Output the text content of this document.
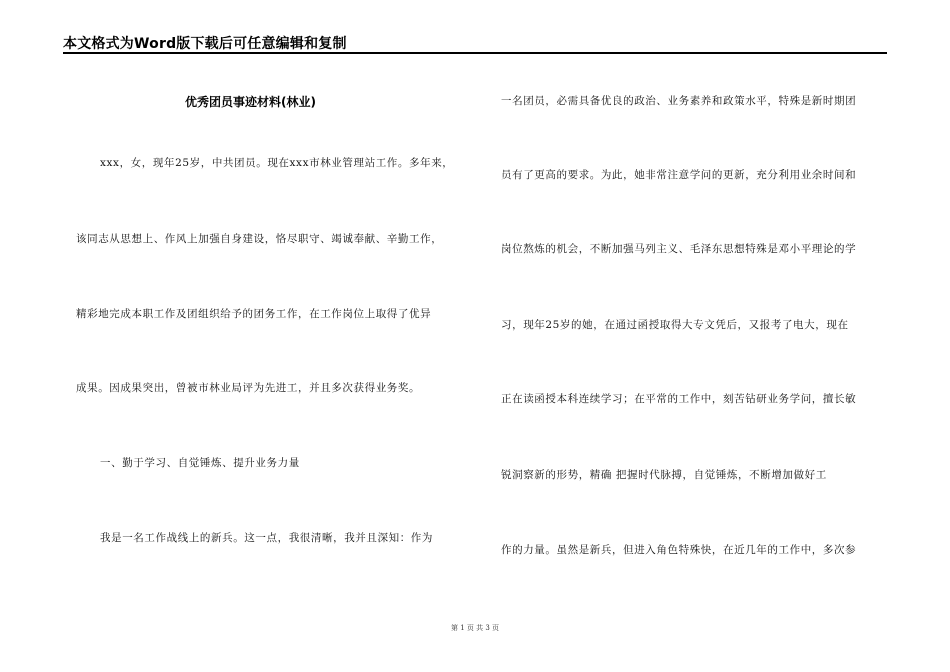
本文格式为Word版下载后可任意编辑和复制
优秀团员事迹材料(林业)
xxx，女，现年25岁，中共团员。现在xxx市林业管理站工作。多年来，
该同志从思想上、作风上加强自身建设，恪尽职守、竭诚奉献、辛勤工作，
精彩地完成本职工作及团组织给予的团务工作，在工作岗位上取得了优异
成果。因成果突出，曾被市林业局评为先进工，并且多次获得业务奖。
一、勤于学习、自觉锤炼、提升业务力量
我是一名工作战线上的新兵。这一点，我很清晰，我并且深知：作为
一名团员，必需具备优良的政治、业务素养和政策水平，特殊是新时期团
员有了更高的要求。为此，她非常注意学问的更新，充分利用业余时间和
岗位熬炼的机会，不断加强马列主义、毛泽东思想特殊是邓小平理论的学
习，现年25岁的她，在通过函授取得大专文凭后，又报考了电大，现在
正在读函授本科连续学习；在平常的工作中，刻苦钻研业务学问，擅长敏
锐洞察新的形势，精确 把握时代脉搏，自觉锤炼，不断增加做好工
作的力量。虽然是新兵，但进入角色特殊快，在近几年的工作中，多次参
第 1 页 共 3 页
